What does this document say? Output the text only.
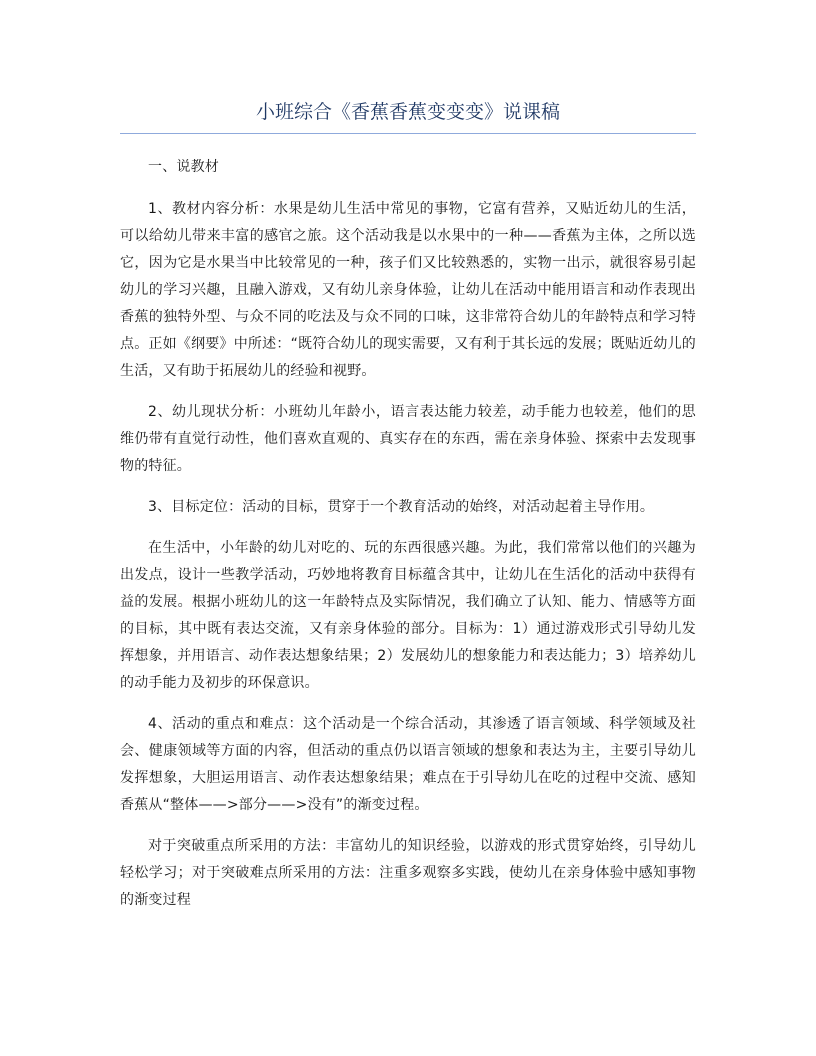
小班综合《香蕉香蕉变变变》说课稿

一、说教材

1、教材内容分析：水果是幼儿生活中常见的事物，它富有营养，又贴近幼儿的生活，可以给幼儿带来丰富的感官之旅。这个活动我是以水果中的一种——香蕉为主体，之所以选它，因为它是水果当中比较常见的一种，孩子们又比较熟悉的，实物一出示，就很容易引起幼儿的学习兴趣，且融入游戏，又有幼儿亲身体验，让幼儿在活动中能用语言和动作表现出香蕉的独特外型、与众不同的吃法及与众不同的口味，这非常符合幼儿的年龄特点和学习特点。正如《纲要》中所述：“既符合幼儿的现实需要，又有利于其长远的发展；既贴近幼儿的生活，又有助于拓展幼儿的经验和视野。

2、幼儿现状分析：小班幼儿年龄小，语言表达能力较差，动手能力也较差，他们的思维仍带有直觉行动性，他们喜欢直观的、真实存在的东西，需在亲身体验、探索中去发现事物的特征。

3、目标定位：活动的目标，贯穿于一个教育活动的始终，对活动起着主导作用。

在生活中，小年龄的幼儿对吃的、玩的东西很感兴趣。为此，我们常常以他们的兴趣为出发点，设计一些教学活动，巧妙地将教育目标蕴含其中，让幼儿在生活化的活动中获得有益的发展。根据小班幼儿的这一年龄特点及实际情况，我们确立了认知、能力、情感等方面的目标，其中既有表达交流，又有亲身体验的部分。目标为：1）通过游戏形式引导幼儿发挥想象，并用语言、动作表达想象结果；2）发展幼儿的想象能力和表达能力；3）培养幼儿的动手能力及初步的环保意识。

4、活动的重点和难点：这个活动是一个综合活动，其渗透了语言领域、科学领域及社会、健康领域等方面的内容，但活动的重点仍以语言领域的想象和表达为主，主要引导幼儿发挥想象，大胆运用语言、动作表达想象结果；难点在于引导幼儿在吃的过程中交流、感知香蕉从“整体——>部分——>没有”的渐变过程。

对于突破重点所采用的方法：丰富幼儿的知识经验，以游戏的形式贯穿始终，引导幼儿轻松学习；对于突破难点所采用的方法：注重多观察多实践，使幼儿在亲身体验中感知事物的渐变过程
